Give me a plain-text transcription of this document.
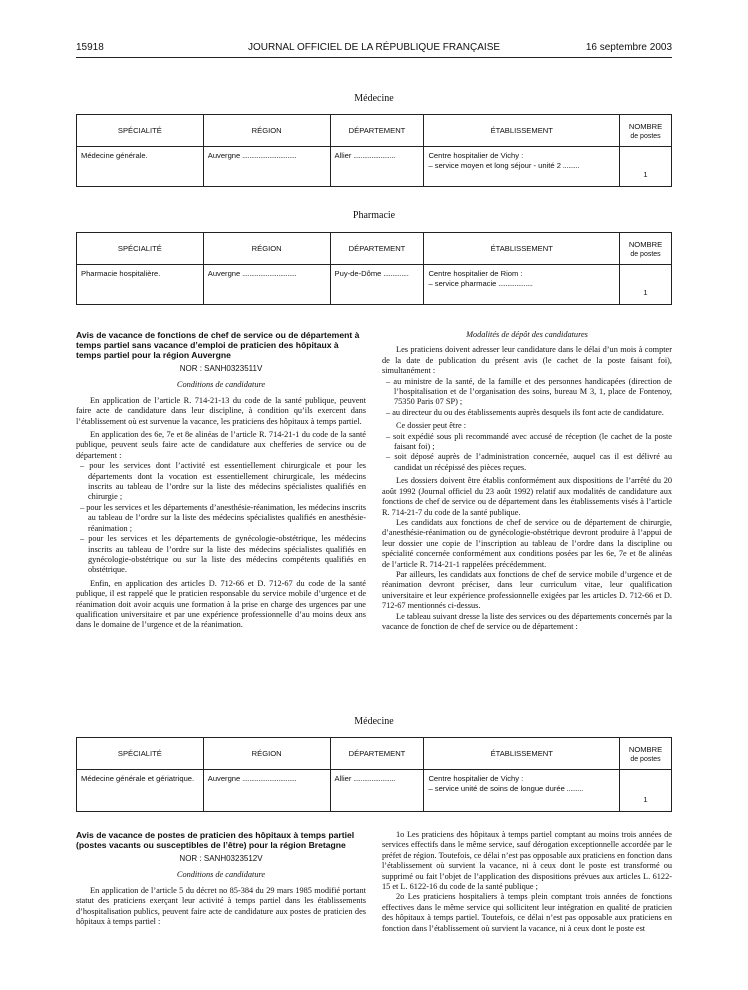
15918	JOURNAL OFFICIEL DE LA RÉPUBLIQUE FRANÇAISE	16 septembre 2003
Médecine
SPÉCIALITÉ	RÉGION	DÉPARTEMENT	ÉTABLISSEMENT	NOMBRE
de postes
Médecine générale.	Auvergne ..............................	Allier .......................	Centre hospitalier de Vichy :
– service moyen et long séjour - unité 2 .........	1
Pharmacie
SPÉCIALITÉ	RÉGION	DÉPARTEMENT	ÉTABLISSEMENT	NOMBRE
de postes
Pharmacie hospitalière.	Auvergne ..............................	Puy-de-Dôme ..............	Centre hospitalier de Riom :
– service pharmacie ...................	1
Avis de vacance de fonctions de chef de service ou de département à temps partiel sans vacance d’emploi de praticien des hôpitaux à temps partiel pour la région Auvergne
NOR : SANH0323511V
Conditions de candidature

En application de l’article R. 714-21-13 du code de la santé publique, peuvent faire acte de candidature dans leur discipline, à condition qu’ils exercent dans l’établissement où est survenue la vacance, les praticiens des hôpitaux à temps partiel.

En application des 6e, 7e et 8e alinéas de l’article R. 714-21-1 du code de la santé publique, peuvent seuls faire acte de candidature aux chefferies de service ou de département :

– pour les services dont l’activité est essentiellement chirurgicale et pour les départements dont la vocation est essentiellement chirurgicale, les médecins inscrits au tableau de l’ordre sur la liste des médecins spécialistes qualifiés en chirurgie ;
– pour les services et les départements d’anesthésie-réanimation, les médecins inscrits au tableau de l’ordre sur la liste des médecins spécialistes qualifiés en anesthésie-réanimation ;
– pour les services et les départements de gynécologie-obstétrique, les médecins inscrits au tableau de l’ordre sur la liste des médecins spécialistes qualifiés en gynécologie-obstétrique ou sur la liste des médecins compétents qualifiés en obstétrique.

Enfin, en application des articles D. 712-66 et D. 712-67 du code de la santé publique, il est rappelé que le praticien responsable du service mobile d’urgence et de réanimation doit avoir acquis une formation à la prise en charge des urgences par une qualification universitaire et par une expérience professionnelle d’au moins deux ans dans le domaine de l’urgence et de la réanimation.

Modalités de dépôt des candidatures

Les praticiens doivent adresser leur candidature dans le délai d’un mois à compter de la date de publication du présent avis (le cachet de la poste faisant foi), simultanément :

– au ministre de la santé, de la famille et des personnes handicapées (direction de l’hospitalisation et de l’organisation des soins, bureau M 3, 1, place de Fontenoy, 75350 Paris 07 SP) ;
– au directeur du ou des établissements auprès desquels ils font acte de candidature.

Ce dossier peut être :

– soit expédié sous pli recommandé avec accusé de réception (le cachet de la poste faisant foi) ;
– soit déposé auprès de l’administration concernée, auquel cas il est délivré au candidat un récépissé des pièces reçues.

Les dossiers doivent être établis conformément aux dispositions de l’arrêté du 20 août 1992 (Journal officiel du 23 août 1992) relatif aux modalités de candidature aux fonctions de chef de service ou de département dans les établissements visés à l’article R. 714-21-7 du code de la santé publique.

Les candidats aux fonctions de chef de service ou de département de chirurgie, d’anesthésie-réanimation ou de gynécologie-obstétrique devront produire à l’appui de leur dossier une copie de l’inscription au tableau de l’ordre dans la discipline ou spécialité concernée conformément aux conditions posées par les 6e, 7e et 8e alinéas de l’article R. 714-21-1 rappelées précédemment.

Par ailleurs, les candidats aux fonctions de chef de service mobile d’urgence et de réanimation devront préciser, dans leur curriculum vitae, leur qualification universitaire et leur expérience professionnelle exigées par les articles D. 712-66 et D. 712-67 mentionnés ci-dessus.

Le tableau suivant dresse la liste des services ou des départements concernés par la vacance de fonction de chef de service ou de département :

Médecine
SPÉCIALITÉ	RÉGION	DÉPARTEMENT	ÉTABLISSEMENT	NOMBRE
de postes
Médecine générale et gériatrique.	Auvergne ..............................	Allier .......................	Centre hospitalier de Vichy :
– service unité de soins de longue durée .........	1
Avis de vacance de postes de praticien des hôpitaux à temps partiel (postes vacants ou susceptibles de l’être) pour la région Bretagne
NOR : SANH0323512V
Conditions de candidature

En application de l’article 5 du décret no 85-384 du 29 mars 1985 modifié portant statut des praticiens exerçant leur activité à temps partiel dans les établissements d’hospitalisation publics, peuvent faire acte de candidature aux postes de praticien des hôpitaux à temps partiel :

1o Les praticiens des hôpitaux à temps partiel comptant au moins trois années de services effectifs dans le même service, sauf dérogation exceptionnelle accordée par le préfet de région. Toutefois, ce délai n’est pas opposable aux praticiens en fonction dans l’établissement où survient la vacance, ni à ceux dont le poste est transformé ou supprimé ou fait l’objet de l’application des dispositions prévues aux articles L. 6122-15 et L. 6122-16 du code de la santé publique ;

2o Les praticiens hospitaliers à temps plein comptant trois années de fonctions effectives dans le même service qui sollicitent leur intégration en qualité de praticien des hôpitaux à temps partiel. Toutefois, ce délai n’est pas opposable aux praticiens en fonction dans l’établissement où survient la vacance, ni à ceux dont le poste est
